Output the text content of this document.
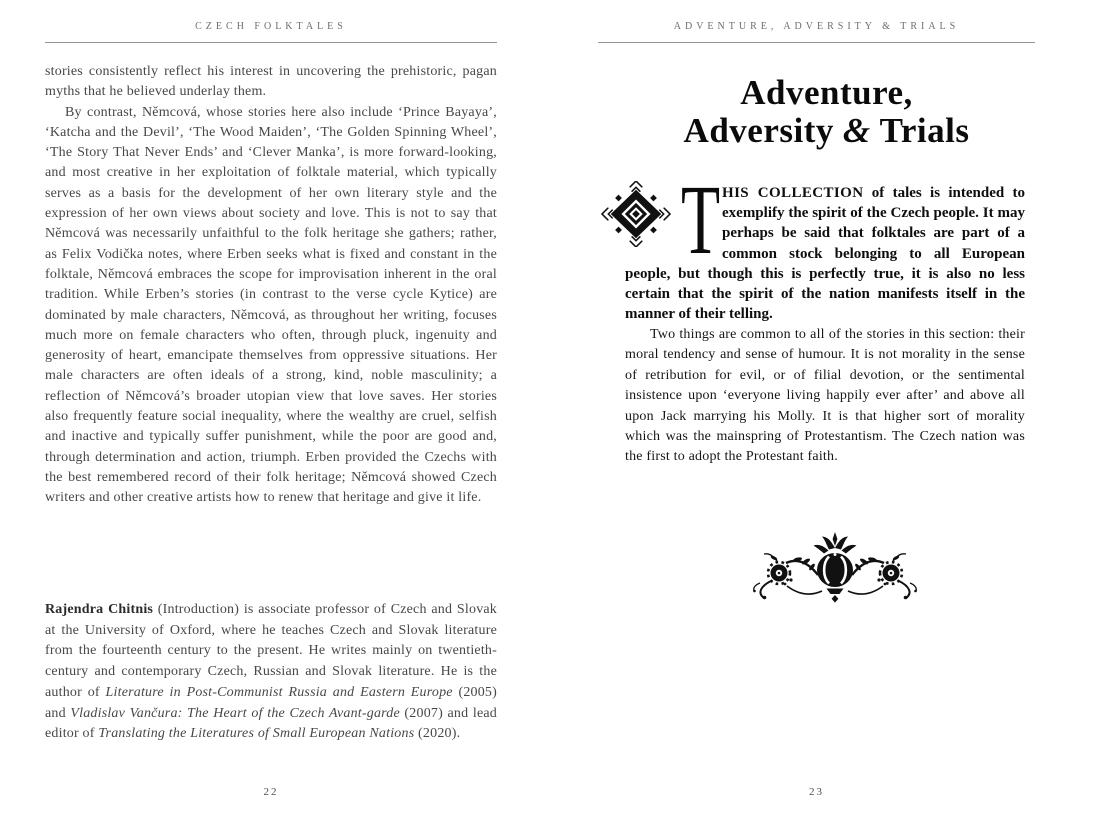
CZECH FOLKTALES

stories consistently reflect his interest in uncovering the prehistoric, pagan myths that he believed underlay them.

By contrast, Němcová, whose stories here also include ‘Prince Bayaya’, ‘Katcha and the Devil’, ‘The Wood Maiden’, ‘The Golden Spinning Wheel’, ‘The Story That Never Ends’ and ‘Clever Manka’, is more forward-looking, and most creative in her exploitation of folktale material, which typically serves as a basis for the development of her own literary style and the expression of her own views about society and love. This is not to say that Němcová was necessarily unfaithful to the folk heritage she gathers; rather, as Felix Vodička notes, where Erben seeks what is fixed and constant in the folktale, Němcová embraces the scope for improvisation inherent in the oral tradition. While Erben’s stories (in contrast to the verse cycle Kytice) are dominated by male characters, Němcová, as throughout her writing, focuses much more on female characters who often, through pluck, ingenuity and generosity of heart, emancipate themselves from oppressive situations. Her male characters are often ideals of a strong, kind, noble masculinity; a reflection of Němcová’s broader utopian view that love saves. Her stories also frequently feature social inequality, where the wealthy are cruel, selfish and inactive and typically suffer punishment, while the poor are good and, through determination and action, triumph. Erben provided the Czechs with the best remembered record of their folk heritage; Němcová showed Czech writers and other creative artists how to renew that heritage and give it life.

Rajendra Chitnis (Introduction) is associate professor of Czech and Slovak at the University of Oxford, where he teaches Czech and Slovak literature from the fourteenth century to the present. He writes mainly on twentieth-century and contemporary Czech, Russian and Slovak literature. He is the author of Literature in Post-Communist Russia and Eastern Europe (2005) and Vladislav Vančura: The Heart of the Czech Avant-garde (2007) and lead editor of Translating the Literatures of Small European Nations (2020).

22
ADVENTURE, ADVERSITY & TRIALS
Adventure,
Adversity & Trials

T HIS COLLECTION of tales is intended to exemplify the spirit of the Czech people. It may perhaps be said that folktales are part of a common stock belonging to all European people, but though this is perfectly true, it is also no less certain that the spirit of the nation manifests itself in the manner of their telling.

Two things are common to all of the stories in this section: their moral tendency and sense of humour. It is not morality in the sense of retribution for evil, or of filial devotion, or the sentimental insistence upon ‘everyone living happily ever after’ and above all upon Jack marrying his Molly. It is that higher sort of morality which was the mainspring of Protestantism. The Czech nation was the first to adopt the Protestant faith.

23
